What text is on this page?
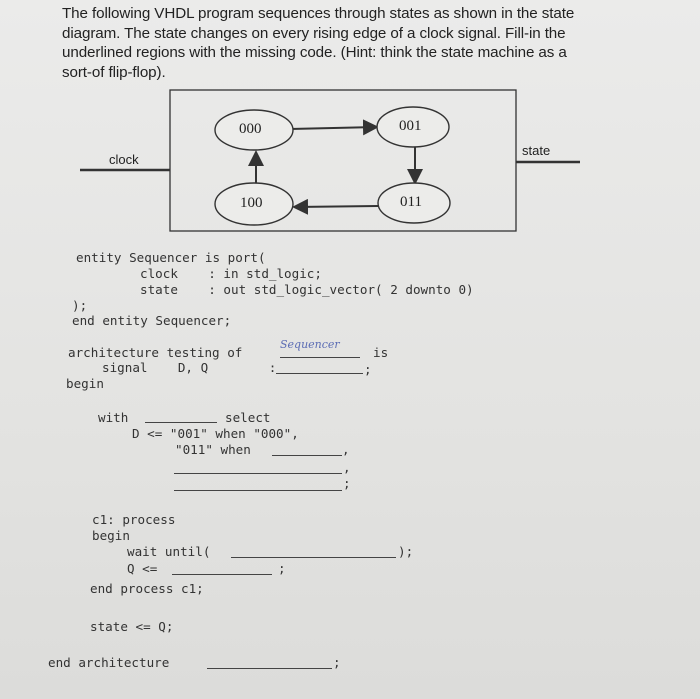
The following VHDL program sequences through states as shown in the state diagram. The state changes on every rising edge of a clock signal. Fill-in the underlined regions with the missing code. (Hint: think the state machine as a sort-of flip-flop).
clock
state
000	001
011
100
entity Sequencer is port(
clock    : in std_logic;
state    : out std_logic_vector( 2 downto 0)
);
end entity Sequencer;
architecture testing of
Sequencer
is
signal    D, Q        :	;
begin
with	select
D <= "001" when "000",
"011" when	,
,
;
c1: process
begin
wait until(	);
Q <=	;
end process c1;
state <= Q;
end architecture	;
